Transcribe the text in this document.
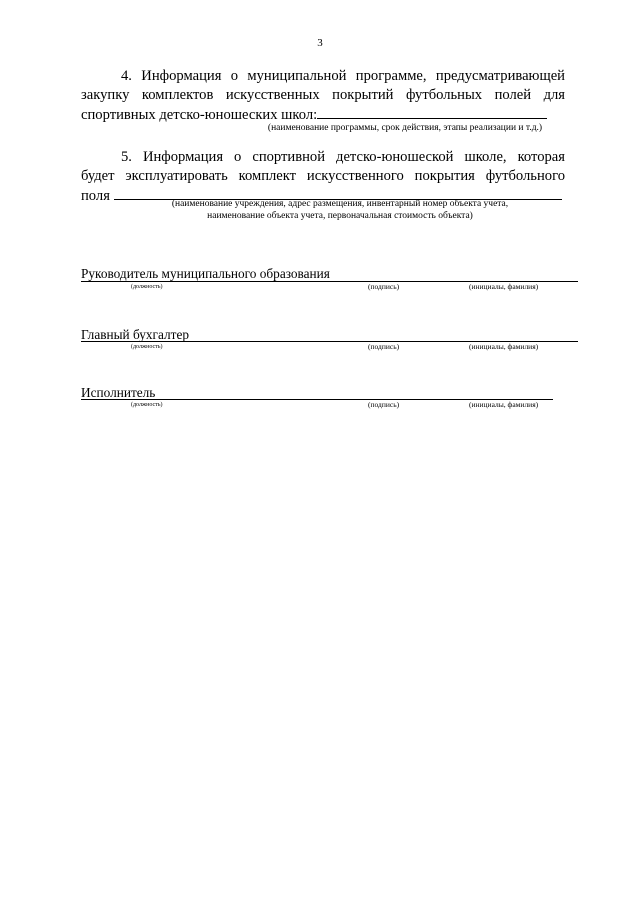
3
4. Информация о муниципальной программе, предусматривающей
закупку комплектов искусственных покрытий футбольных полей для
спортивных детско-юношеских школ:
(наименование программы, срок действия, этапы реализации и т.д.)
5. Информация о спортивной детско-юношеской школе, которая
будет эксплуатировать комплект искусственного покрытия футбольного
поля	(наименование учреждения, адрес размещения, инвентарный номер объекта учета,
наименование объекта учета, первоначальная стоимость объекта)
Руководитель муниципального образования
(должность)	(подпись)	(инициалы, фамилия)
Главный бухгалтер
(должность)	(подпись)	(инициалы, фамилия)
Исполнитель
(должность)	(подпись)	(инициалы, фамилия)
